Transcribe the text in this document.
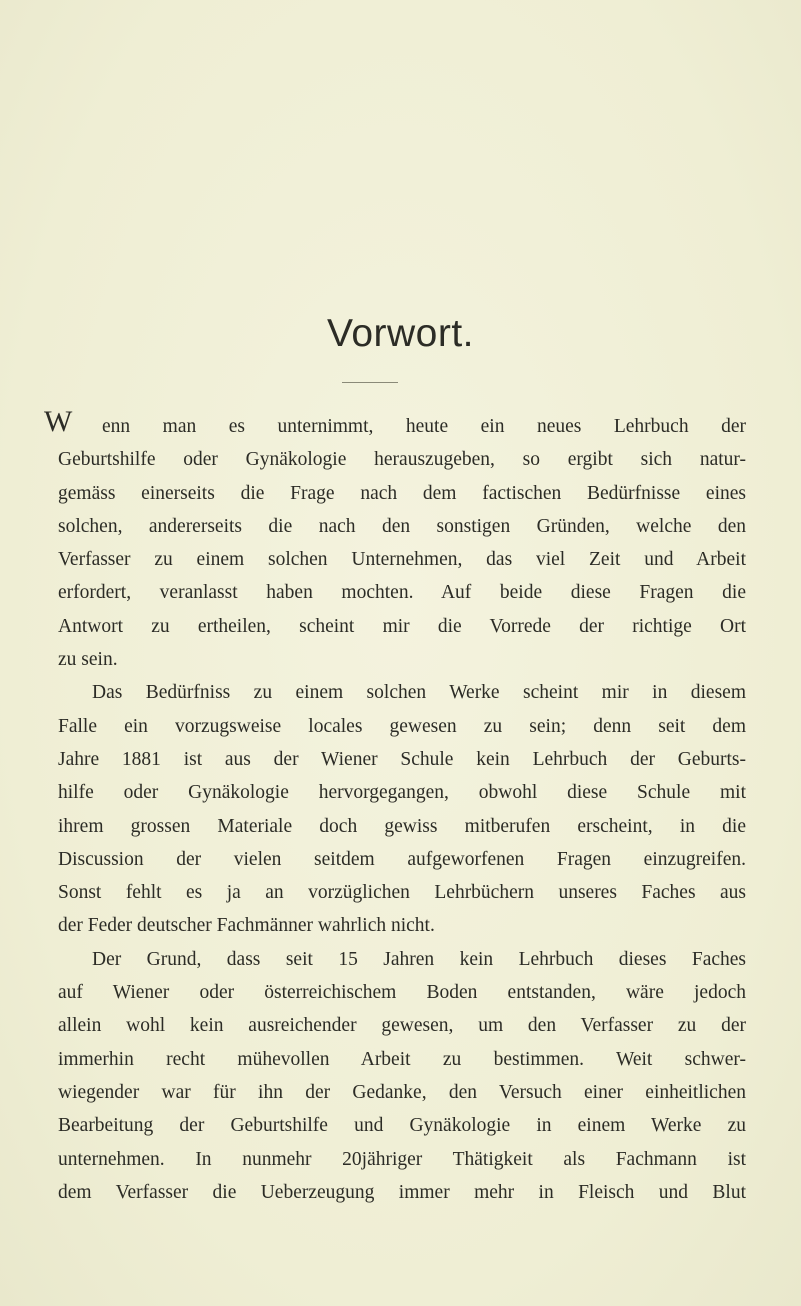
Vorwort.
W	enn man es unternimmt, heute ein neues Lehrbuch der
Geburtshilfe oder Gynäkologie herauszugeben, so ergibt sich natur-
gemäss einerseits die Frage nach dem factischen Bedürfnisse eines
solchen, andererseits die nach den sonstigen Gründen, welche den
Verfasser zu einem solchen Unternehmen, das viel Zeit und Arbeit
erfordert, veranlasst haben mochten. Auf beide diese Fragen die
Antwort zu ertheilen, scheint mir die Vorrede der richtige Ort
zu sein.
Das Bedürfniss zu einem solchen Werke scheint mir in diesem
Falle ein vorzugsweise locales gewesen zu sein; denn seit dem
Jahre 1881 ist aus der Wiener Schule kein Lehrbuch der Geburts-
hilfe oder Gynäkologie hervorgegangen, obwohl diese Schule mit
ihrem grossen Materiale doch gewiss mitberufen erscheint, in die
Discussion der vielen seitdem aufgeworfenen Fragen einzugreifen.
Sonst fehlt es ja an vorzüglichen Lehrbüchern unseres Faches aus
der Feder deutscher Fachmänner wahrlich nicht.
Der Grund, dass seit 15 Jahren kein Lehrbuch dieses Faches
auf Wiener oder österreichischem Boden entstanden, wäre jedoch
allein wohl kein ausreichender gewesen, um den Verfasser zu der
immerhin recht mühevollen Arbeit zu bestimmen. Weit schwer-
wiegender war für ihn der Gedanke, den Versuch einer einheitlichen
Bearbeitung der Geburtshilfe und Gynäkologie in einem Werke zu
unternehmen. In nunmehr 20jähriger Thätigkeit als Fachmann ist
dem Verfasser die Ueberzeugung immer mehr in Fleisch und Blut
